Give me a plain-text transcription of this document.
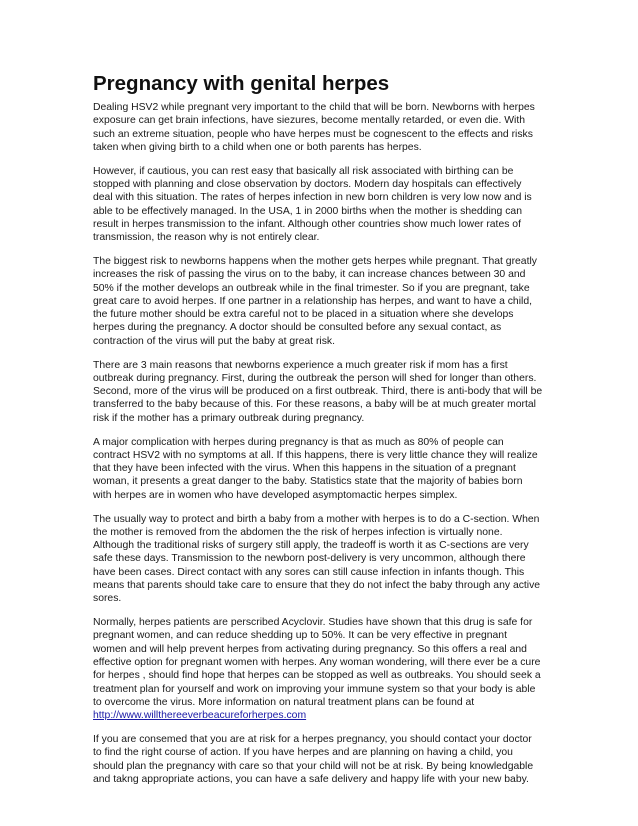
Pregnancy with genital herpes

Dealing HSV2 while pregnant very important to the child that will be born. Newborns with herpes exposure can get brain infections, have siezures, become mentally retarded, or even die. With such an extreme situation, people who have herpes must be cognescent to the effects and risks taken when giving birth to a child when one or both parents has herpes.

However, if cautious, you can rest easy that basically all risk associated with birthing can be stopped with planning and close observation by doctors. Modern day hospitals can effectively deal with this situation. The rates of herpes infection in new born children is very low now and is able to be effectively managed. In the USA, 1 in 2000 births when the mother is shedding can result in herpes transmission to the infant. Although other countries show much lower rates of transmission, the reason why is not entirely clear.

The biggest risk to newborns happens when the mother gets herpes while pregnant. That greatly increases the risk of passing the virus on to the baby, it can increase chances between 30 and 50% if the mother develops an outbreak while in the final trimester. So if you are pregnant, take great care to avoid herpes. If one partner in a relationship has herpes, and want to have a child, the future mother should be extra careful not to be placed in a situation where she develops herpes during the pregnancy. A doctor should be consulted before any sexual contact, as contraction of the virus will put the baby at great risk.

There are 3 main reasons that newborns experience a much greater risk if mom has a first outbreak during pregnancy. First, during the outbreak the person will shed for longer than others. Second, more of the virus will be produced on a first outbreak. Third, there is anti-body that will be transferred to the baby because of this. For these reasons, a baby will be at much greater mortal risk if the mother has a primary outbreak during pregnancy.

A major complication with herpes during pregnancy is that as much as 80% of people can contract HSV2 with no symptoms at all. If this happens, there is very little chance they will realize that they have been infected with the virus. When this happens in the situation of a pregnant woman, it presents a great danger to the baby. Statistics state that the majority of babies born with herpes are in women who have developed asymptomactic herpes simplex.

The usually way to protect and birth a baby from a mother with herpes is to do a C-section. When the mother is removed from the abdomen the the risk of herpes infection is virtually none. Although the traditional risks of surgery still apply, the tradeoff is worth it as C-sections are very safe these days. Transmission to the newborn post-delivery is very uncommon, although there have been cases. Direct contact with any sores can still cause infection in infants though. This means that parents should take care to ensure that they do not infect the baby through any active sores.

Normally, herpes patients are perscribed Acyclovir. Studies have shown that this drug is safe for pregnant women, and can reduce shedding up to 50%. It can be very effective in pregnant women and will help prevent herpes from activating during pregnancy. So this offers a real and effective option for pregnant women with herpes. Any woman wondering, will there ever be a cure for herpes , should find hope that herpes can be stopped as well as outbreaks. You should seek a treatment plan for yourself and work on improving your immune system so that your body is able to overcome the virus. More information on natural treatment plans can be found at
http://www.willthereeverbeacureforherpes.com

If you are consemed that you are at risk for a herpes pregnancy, you should contact your doctor to find the right course of action. If you have herpes and are planning on having a child, you should plan the pregnancy with care so that your child will not be at risk. By being knowledgable and takng appropriate actions, you can have a safe delivery and happy life with your new baby.
